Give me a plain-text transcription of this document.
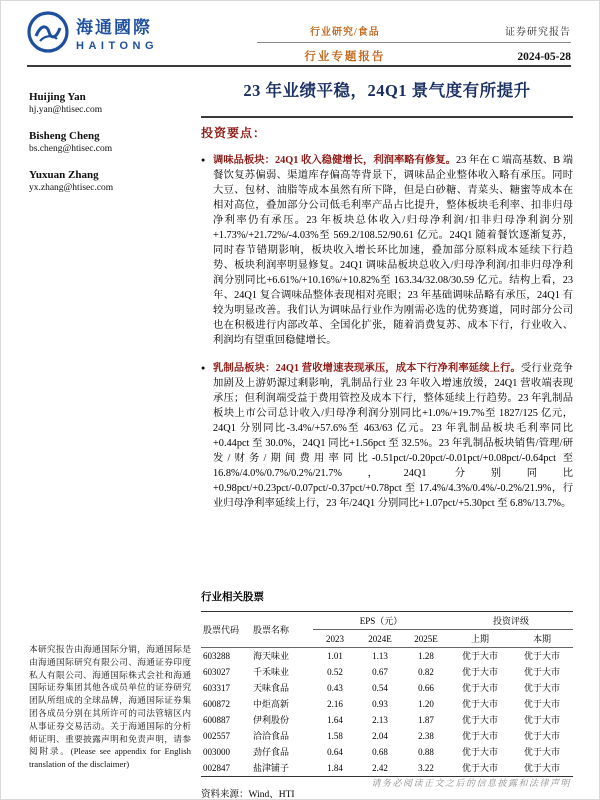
海通國際
HAITONG
行业研究/食品	证券研究报告
行业专题报告	2024-05-28
Huijing Yan
hj.yan@htisec.com
Bisheng Cheng
bs.cheng@htisec.com
Yuxuan Zhang
yx.zhang@htisec.com
23 年业绩平稳，24Q1 景气度有所提升
投资要点：
●
调味品板块：24Q1 收入稳健增长，利润率略有修复。23 年在 C 端高基数、B 端餐饮复苏偏弱、渠道库存偏高等背景下，调味品企业整体收入略有承压。同时大豆、包材、油脂等成本虽然有所下降，但是白砂糖、青菜头、糖蜜等成本在相对高位，叠加部分公司低毛利率产品占比提升，整体板块毛利率、扣非归母净利率仍有承压。23 年板块总体收入/归母净利润/扣非归母净利润分别+1.73%/+21.72%/-4.03%至 569.2/108.52/90.61 亿元。24Q1 随着餐饮逐渐复苏，同时春节错期影响，板块收入增长环比加速，叠加部分原料成本延续下行趋势、板块利润率明显修复。24Q1 调味品板块总收入/归母净利润/扣非归母净利润分别同比+6.61%/+10.16%/+10.82%至 163.34/32.08/30.59 亿元。结构上看，23 年、24Q1 复合调味品整体表现相对亮眼；23 年基础调味品略有承压，24Q1 有较为明显改善。我们认为调味品行业作为刚需必选的优势赛道，同时部分公司也在积极进行内部改革、全国化扩张，随着消费复苏、成本下行，行业收入、利润均有望重回稳健增长。
●
乳制品板块：24Q1 营收增速表现承压，成本下行净利率延续上行。受行业竞争加剧及上游奶源过剩影响，乳制品行业 23 年收入增速放缓，24Q1 营收端表现承压；但利润端受益于费用管控及成本下行，整体延续上行趋势。23 年乳制品板块上市公司总计收入/归母净利润分别同比+1.0%/+19.7%至 1827/125 亿元，24Q1 分别同比-3.4%/+57.6%至 463/63 亿元。23 年乳制品板块毛利率同比+0.44pct 至 30.0%，24Q1 同比+1.56pct 至 32.5%。23 年乳制品板块销售/管理/研发/财务/期间费用率同比-0.51pct/-0.20pct/-0.01pct/+0.08pct/-0.64pct 至 16.8%/4.0%/0.7%/0.2%/21.7%，24Q1 分别同比+0.98pct/+0.23pct/-0.07pct/-0.37pct/+0.78pct 至 17.4%/4.3%/0.4%/-0.2%/21.9%，行业归母净利率延续上行，23 年/24Q1 分别同比+1.07pct/+5.30pct 至 6.8%/13.7%。
行业相关股票
股票代码	股票名称	EPS（元）			投资评级	
		2023	2024E	2025E	上期	本期
603288	海天味业	1.01	1.13	1.28	优于大市	优于大市
603027	千禾味业	0.52	0.67	0.82	优于大市	优于大市
603317	天味食品	0.43	0.54	0.66	优于大市	优于大市
600872	中炬高新	2.16	0.93	1.20	优于大市	优于大市
600887	伊利股份	1.64	2.13	1.87	优于大市	优于大市
002557	洽洽食品	1.58	2.04	2.38	优于大市	优于大市
003000	劲仔食品	0.64	0.68	0.88	优于大市	优于大市
002847	盐津铺子	1.84	2.42	3.22	优于大市	优于大市
资料来源：Wind、HTI
本研究报告由海通国际分销，海通国际是由海通国际研究有限公司、海通证券印度私人有限公司、海通国际株式会社和海通国际证券集团其他各成员单位的证券研究团队所组成的全球品牌，海通国际证券集团各成员分别在其所许可的司法管辖区内从事证券交易活动。关于海通国际的分析师证明、重要披露声明和免责声明，请参阅附录。(Please see appendix for English translation of the disclaimer)
请务必阅读正文之后的信息披露和法律声明
